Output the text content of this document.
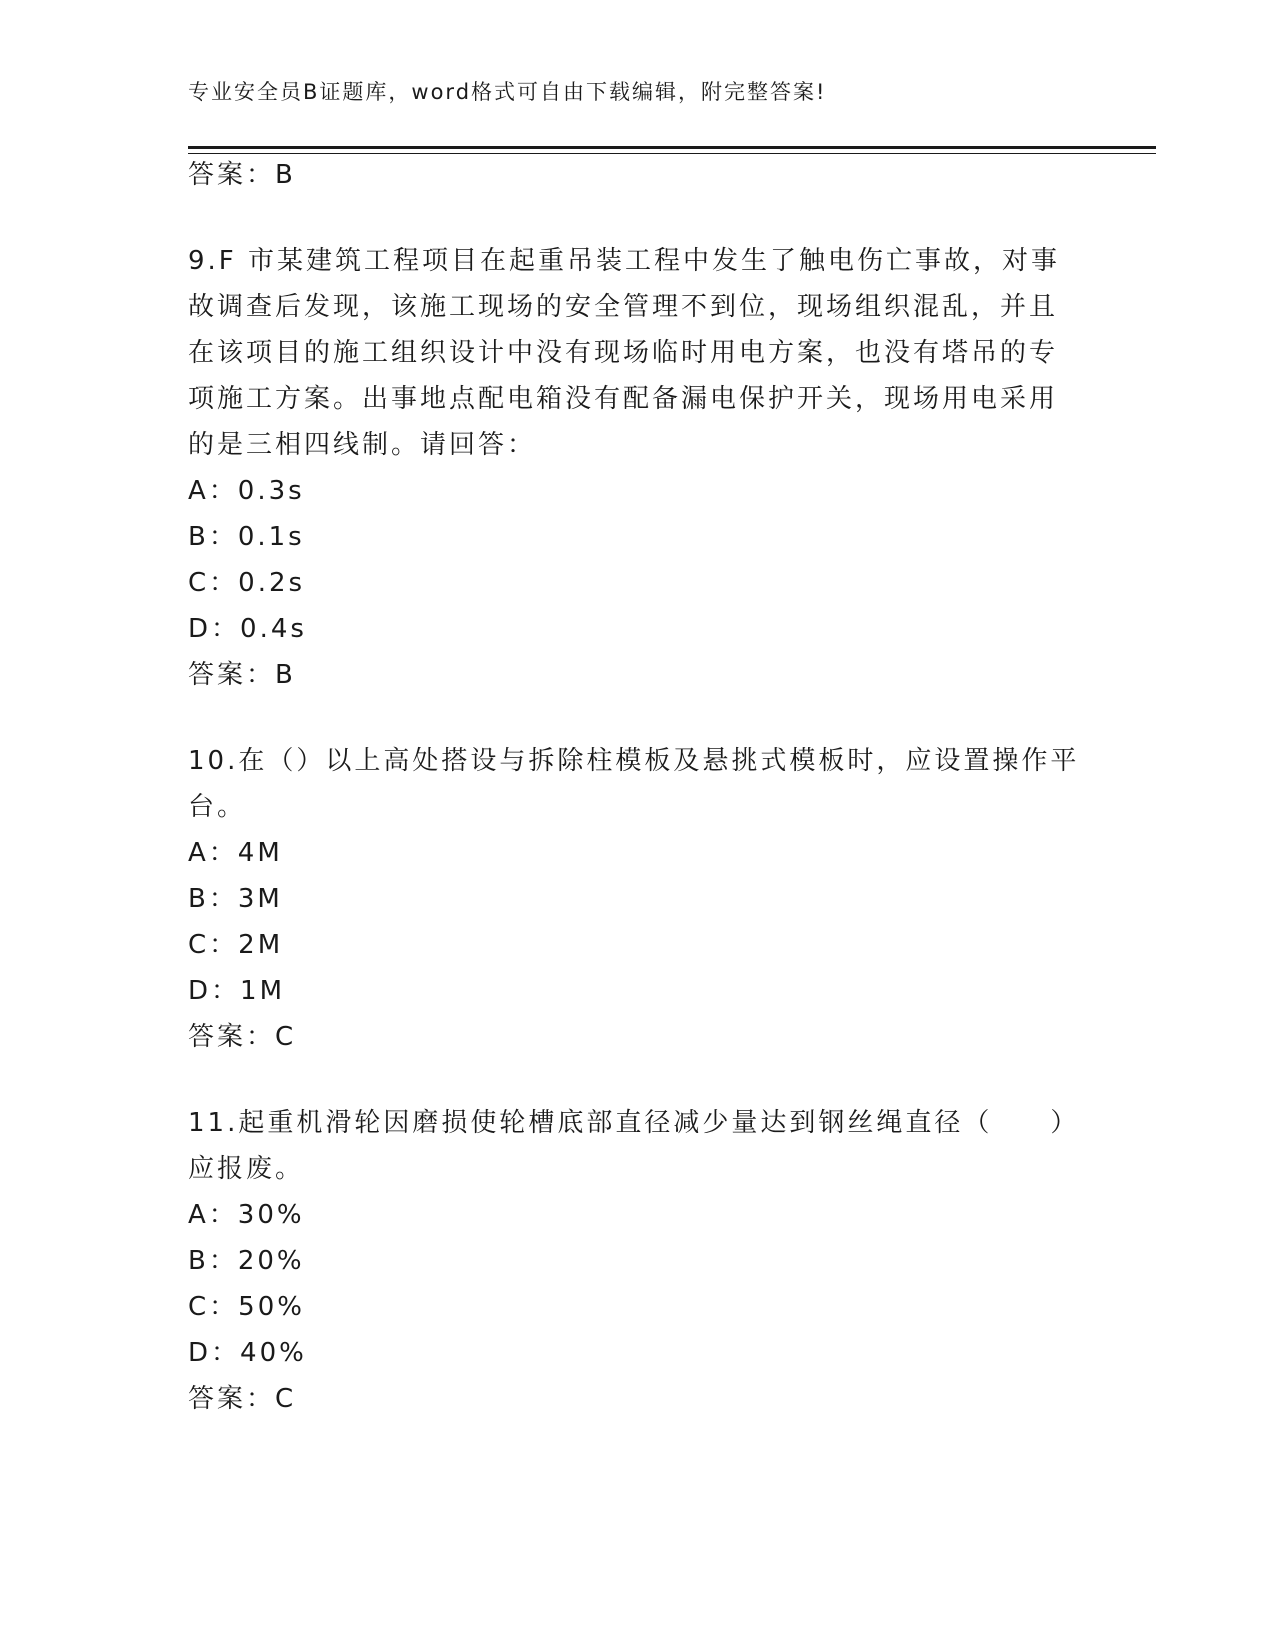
专业安全员B证题库，word格式可自由下载编辑，附完整答案!
答案：B
9.F 市某建筑工程项目在起重吊装工程中发生了触电伤亡事故，对事
故调查后发现，该施工现场的安全管理不到位，现场组织混乱，并且
在该项目的施工组织设计中没有现场临时用电方案，也没有塔吊的专
项施工方案。出事地点配电箱没有配备漏电保护开关，现场用电采用
的是三相四线制。请回答：
A：0.3s
B：0.1s
C：0.2s
D：0.4s
答案：B
10.在（）以上高处搭设与拆除柱模板及悬挑式模板时，应设置操作平
台。
A：4M
B：3M
C：2M
D：1M
答案：C
11.起重机滑轮因磨损使轮槽底部直径减少量达到钢丝绳直径（　　）
应报废。
A：30%
B：20%
C：50%
D：40%
答案：C
